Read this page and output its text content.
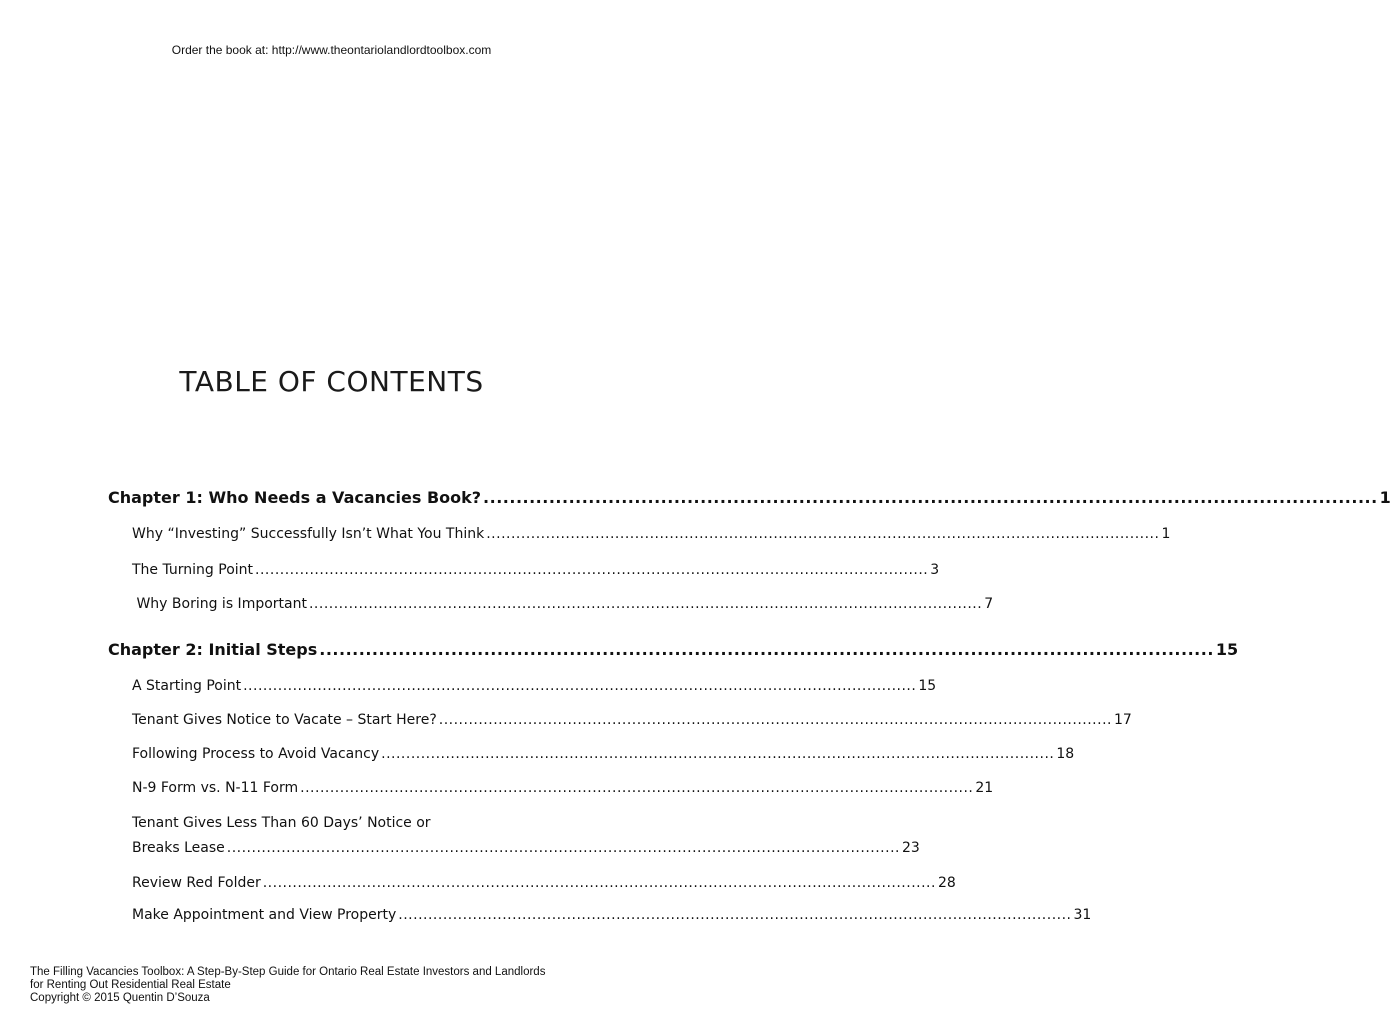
Order the book at: http://www.theontariolandlordtoolbox.com
TABLE OF CONTENTS
Chapter 1: Who Needs a Vacancies Book? ........................................................................................................................................ 1
Why “Investing” Successfully Isn’t What You Think ........................................................................................................................................ 1
The Turning Point ........................................................................................................................................ 3
Why Boring is Important ........................................................................................................................................ 7
Chapter 2: Initial Steps ........................................................................................................................................ 15
A Starting Point ........................................................................................................................................ 15
Tenant Gives Notice to Vacate – Start Here? ........................................................................................................................................ 17
Following Process to Avoid Vacancy ........................................................................................................................................ 18
N-9 Form vs. N-11 Form ........................................................................................................................................ 21
Tenant Gives Less Than 60 Days’ Notice or
Breaks Lease ........................................................................................................................................ 23
Review Red Folder ........................................................................................................................................ 28
Make Appointment and View Property ........................................................................................................................................ 31
The Filling Vacancies Toolbox: A Step-By-Step Guide for Ontario Real Estate Investors and Landlords
for Renting Out Residential Real Estate
Copyright © 2015 Quentin D’Souza
